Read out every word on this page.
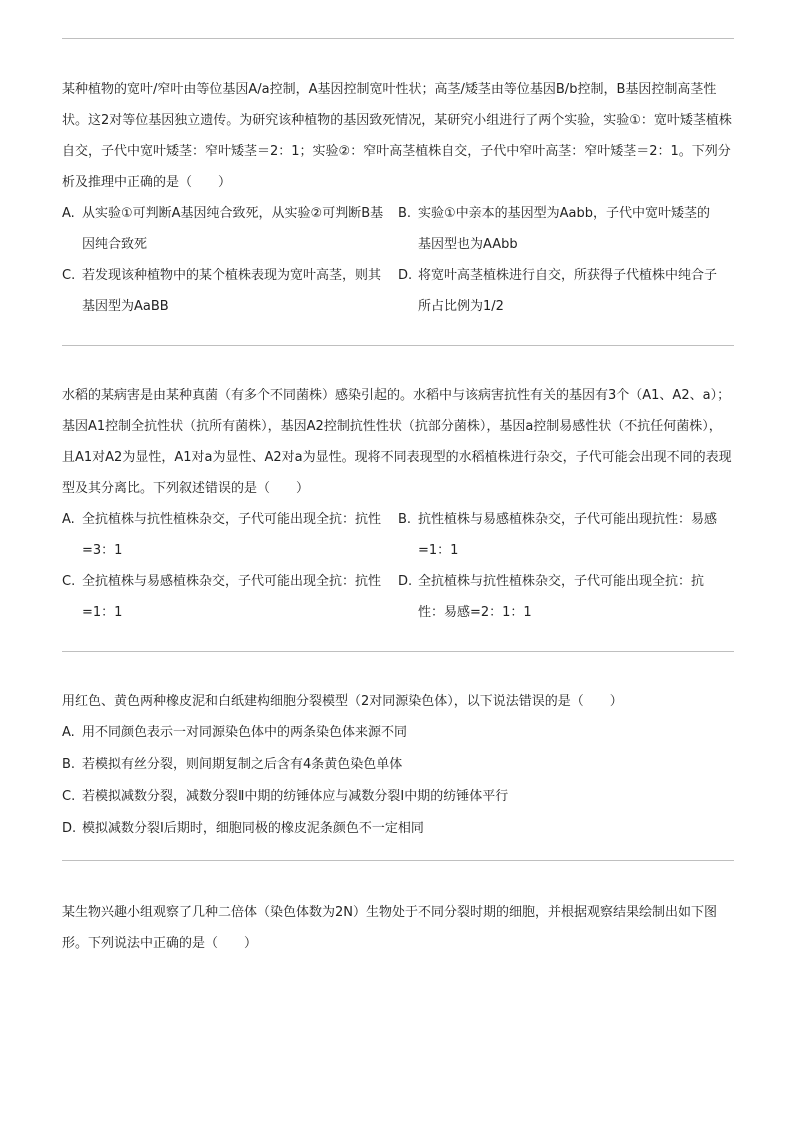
某种植物的宽叶/窄叶由等位基因A/a控制，A基因控制宽叶性状；高茎/矮茎由等位基因B/b控制，B基因控制高茎性状。这2对等位基因独立遗传。为研究该种植物的基因致死情况，某研究小组进行了两个实验，实验①：宽叶矮茎植株自交，子代中宽叶矮茎：窄叶矮茎＝2：1；实验②：窄叶高茎植株自交，子代中窄叶高茎：窄叶矮茎＝2：1。下列分析及推理中正确的是（　　）

A. 从实验①可判断A基因纯合致死，从实验②可判断B基因纯合致死
B. 实验①中亲本的基因型为Aabb，子代中宽叶矮茎的基因型也为AAbb
C. 若发现该种植物中的某个植株表现为宽叶高茎，则其基因型为AaBB
D. 将宽叶高茎植株进行自交，所获得子代植株中纯合子所占比例为1/2

水稻的某病害是由某种真菌（有多个不同菌株）感染引起的。水稻中与该病害抗性有关的基因有3个（A1、A2、a）；基因A1控制全抗性状（抗所有菌株），基因A2控制抗性性状（抗部分菌株），基因a控制易感性状（不抗任何菌株），且A1对A2为显性，A1对a为显性、A2对a为显性。现将不同表现型的水稻植株进行杂交，子代可能会出现不同的表现型及其分离比。下列叙述错误的是（　　）

A. 全抗植株与抗性植株杂交，子代可能出现全抗：抗性=3：1
B. 抗性植株与易感植株杂交，子代可能出现抗性：易感=1：1
C. 全抗植株与易感植株杂交，子代可能出现全抗：抗性=1：1
D. 全抗植株与抗性植株杂交，子代可能出现全抗：抗性：易感=2：1：1

用红色、黄色两种橡皮泥和白纸建构细胞分裂模型（2对同源染色体），以下说法错误的是（　　）

A. 用不同颜色表示一对同源染色体中的两条染色体来源不同
B. 若模拟有丝分裂，则间期复制之后含有4条黄色染色单体
C. 若模拟减数分裂，减数分裂Ⅱ中期的纺锤体应与减数分裂Ⅰ中期的纺锤体平行
D. 模拟减数分裂Ⅰ后期时，细胞同极的橡皮泥条颜色不一定相同

某生物兴趣小组观察了几种二倍体（染色体数为2N）生物处于不同分裂时期的细胞，并根据观察结果绘制出如下图形。下列说法中正确的是（　　）
